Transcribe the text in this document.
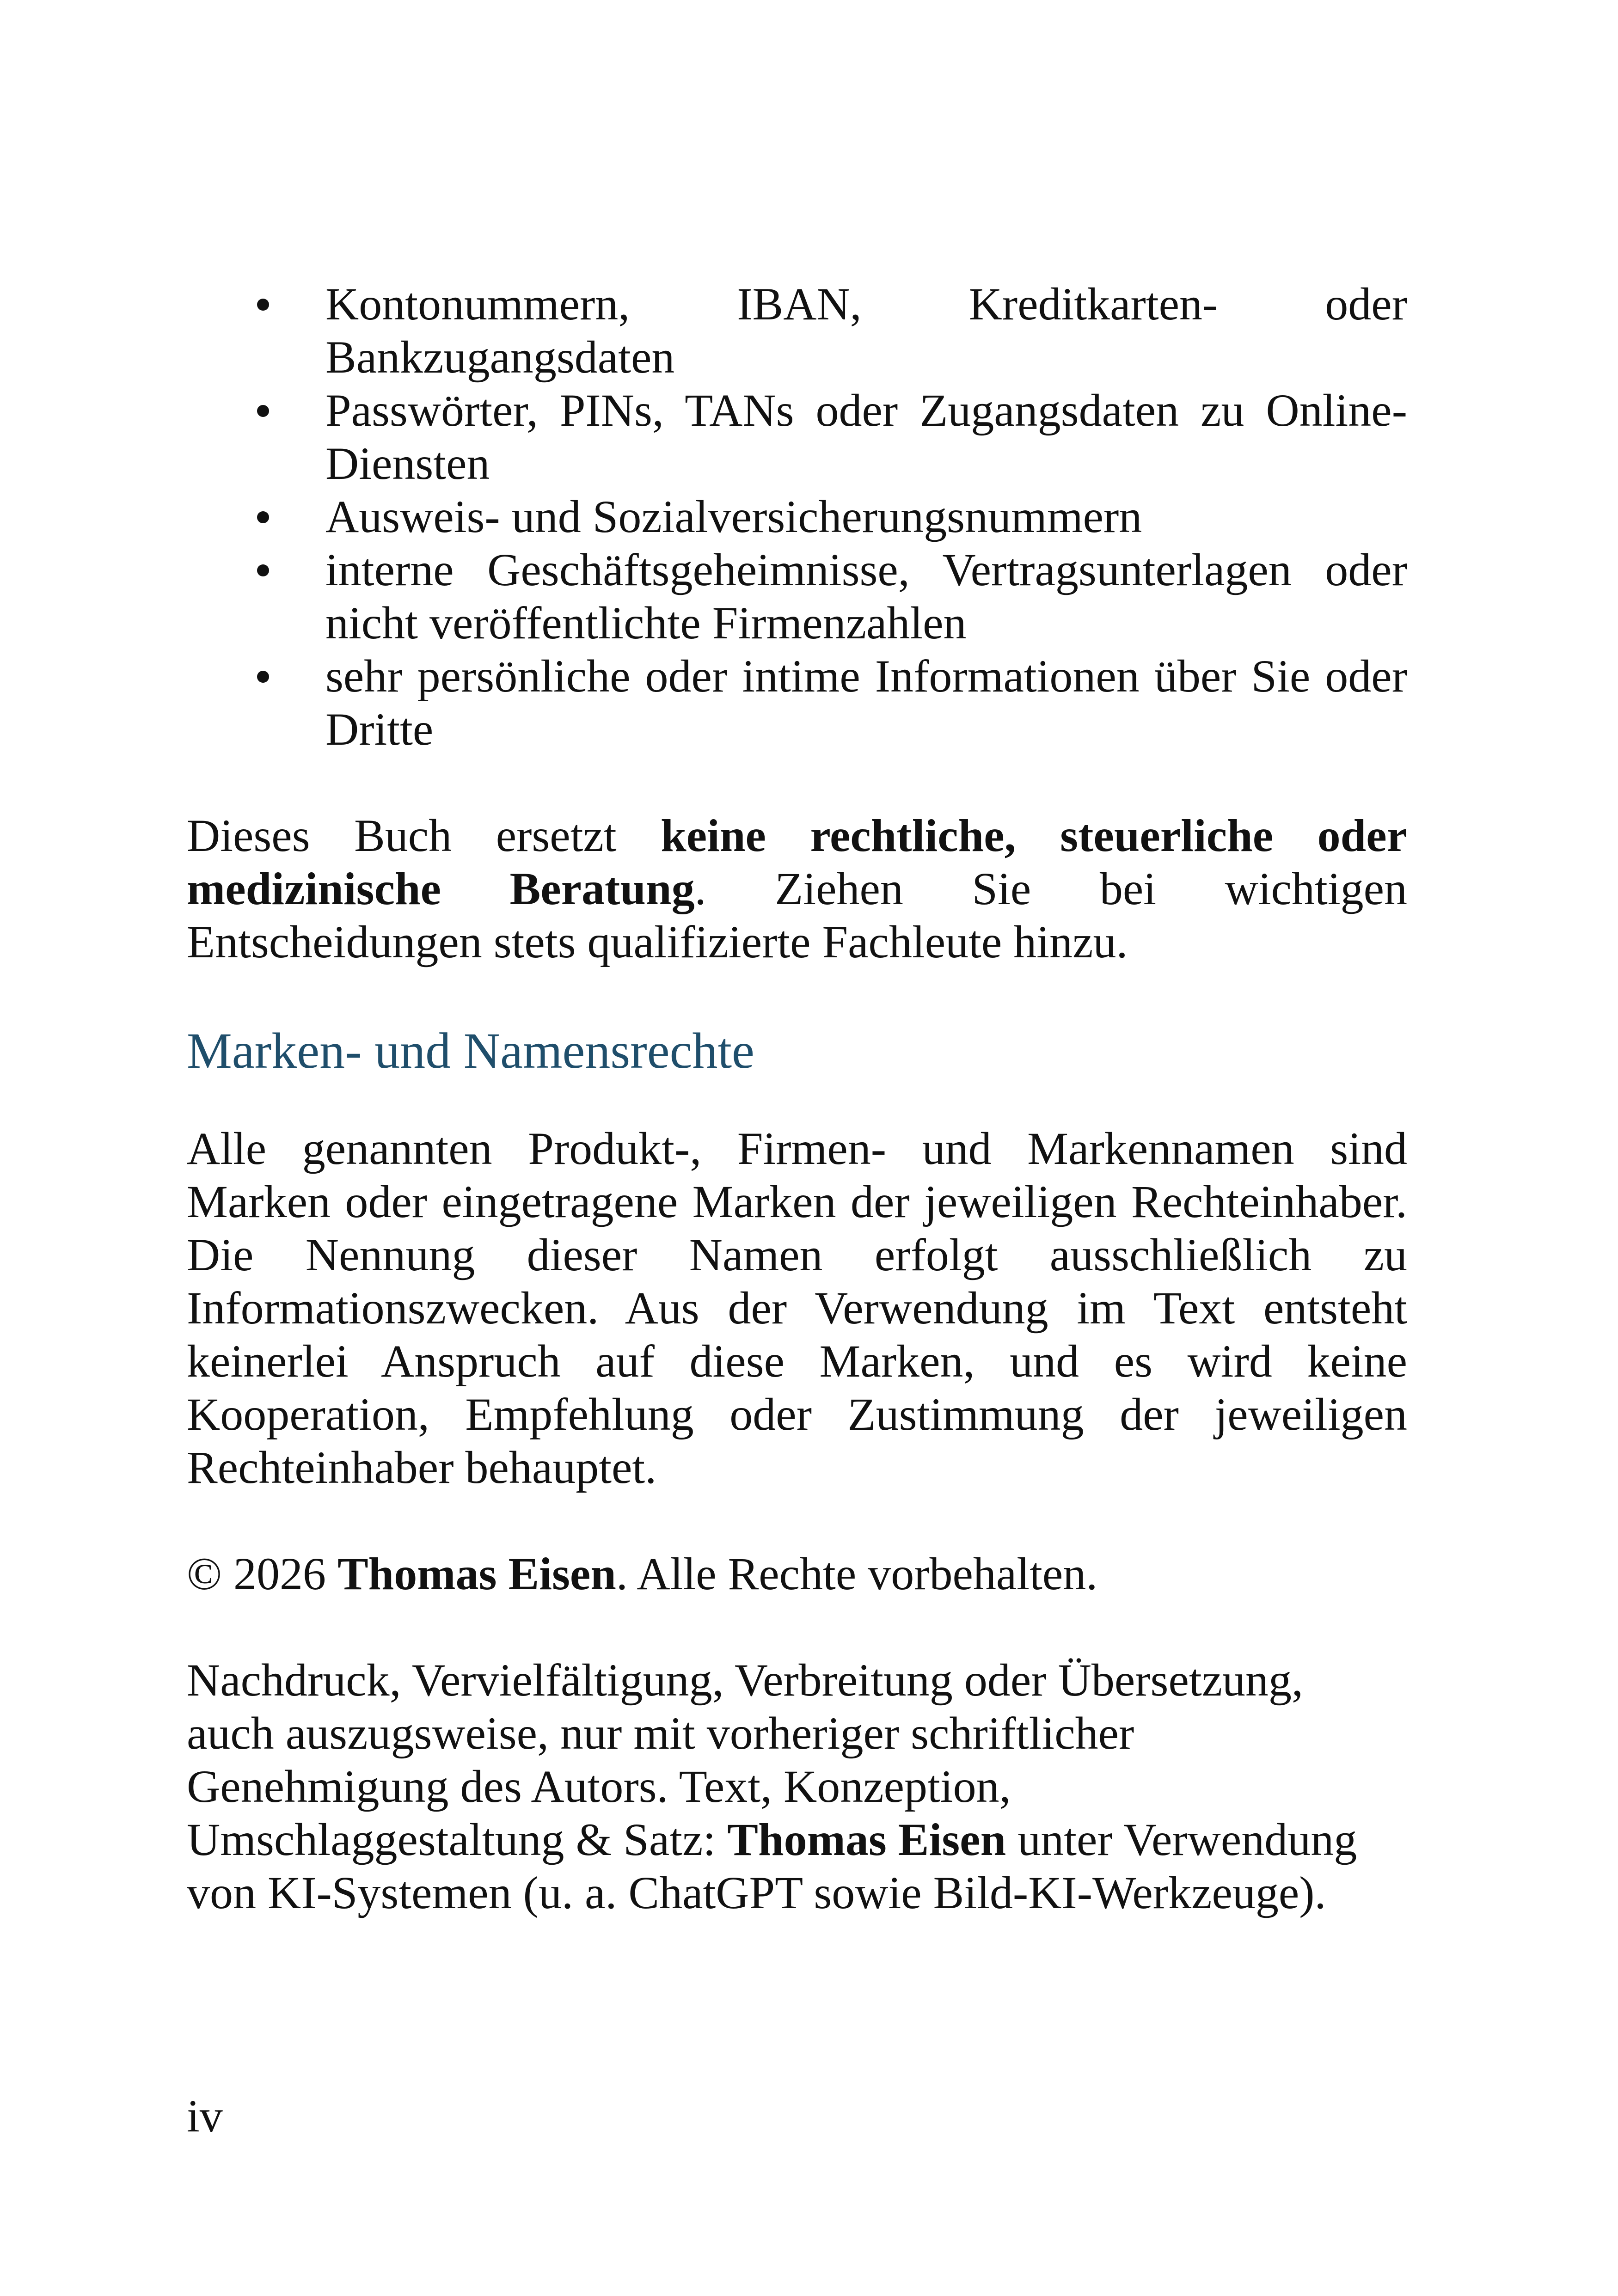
Kontonummern, IBAN, Kreditkarten- oder Bankzugangsdaten
Passwörter, PINs, TANs oder Zugangsdaten zu Online-Diensten
Ausweis- und Sozialversicherungsnummern
interne Geschäftsgeheimnisse, Vertragsunterlagen oder nicht veröffentlichte Firmenzahlen
sehr persönliche oder intime Informationen über Sie oder Dritte

Dieses Buch ersetzt keine rechtliche, steuerliche oder medizinische Beratung. Ziehen Sie bei wichtigen Entscheidungen stets qualifizierte Fachleute hinzu.

Marken- und Namensrechte

Alle genannten Produkt-, Firmen- und Markennamen sind Marken oder eingetragene Marken der jeweiligen Rechteinhaber. Die Nennung dieser Namen erfolgt ausschließlich zu Informationszwecken. Aus der Verwendung im Text entsteht keinerlei Anspruch auf diese Marken, und es wird keine Kooperation, Empfehlung oder Zustimmung der jeweiligen Rechteinhaber behauptet.

© 2026 Thomas Eisen. Alle Rechte vorbehalten.

Nachdruck, Vervielfältigung, Verbreitung oder Übersetzung,
auch auszugsweise, nur mit vorheriger schriftlicher
Genehmigung des Autors. Text, Konzeption,
Umschlaggestaltung & Satz: Thomas Eisen unter Verwendung
von KI-Systemen (u. a. ChatGPT sowie Bild-KI-Werkzeuge).

iv
